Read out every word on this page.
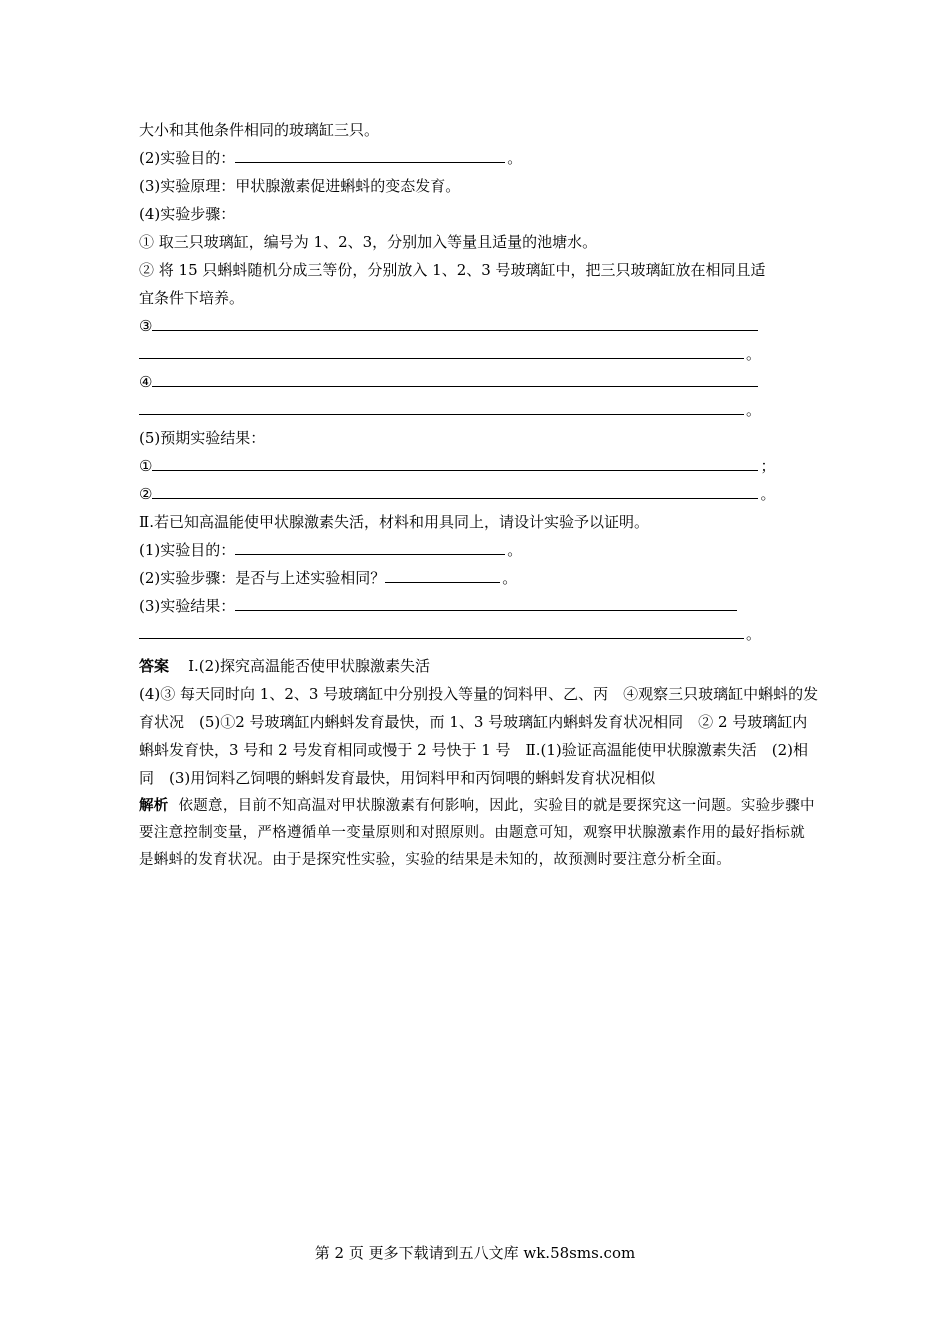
大小和其他条件相同的玻璃缸三只。
(2)实验目的：	。
(3)实验原理：甲状腺激素促进蝌蚪的变态发育。
(4)实验步骤：
① 取三只玻璃缸，编号为 1、2、3，分别加入等量且适量的池塘水。
② 将 15 只蝌蚪随机分成三等份，分别放入 1、2、3 号玻璃缸中，把三只玻璃缸放在相同且适宜条件下培养。
③
。
④
。
(5)预期实验结果：
①	；
②	。
Ⅱ.若已知高温能使甲状腺激素失活，材料和用具同上，请设计实验予以证明。
(1)实验目的：	。
(2)实验步骤：是否与上述实验相同？	。
(3)实验结果：
。
答案 Ⅰ.(2)探究高温能否使甲状腺激素失活
(4)③ 每天同时向 1、2、3 号玻璃缸中分别投入等量的饲料甲、乙、丙　④观察三只玻璃缸中蝌蚪的发育状况　(5)①2 号玻璃缸内蝌蚪发育最快，而 1、3 号玻璃缸内蝌蚪发育状况相同　② 2 号玻璃缸内蝌蚪发育快，3 号和 2 号发育相同或慢于 2 号快于 1 号　Ⅱ.(1)验证高温能使甲状腺激素失活　(2)相同　(3)用饲料乙饲喂的蝌蚪发育最快，用饲料甲和丙饲喂的蝌蚪发育状况相似
解析 依题意，目前不知高温对甲状腺激素有何影响，因此，实验目的就是要探究这一问题。实验步骤中要注意控制变量，严格遵循单一变量原则和对照原则。由题意可知，观察甲状腺激素作用的最好指标就是蝌蚪的发育状况。由于是探究性实验，实验的结果是未知的，故预测时要注意分析全面。
第 2 页 更多下载请到五八文库 wk.58sms.com
